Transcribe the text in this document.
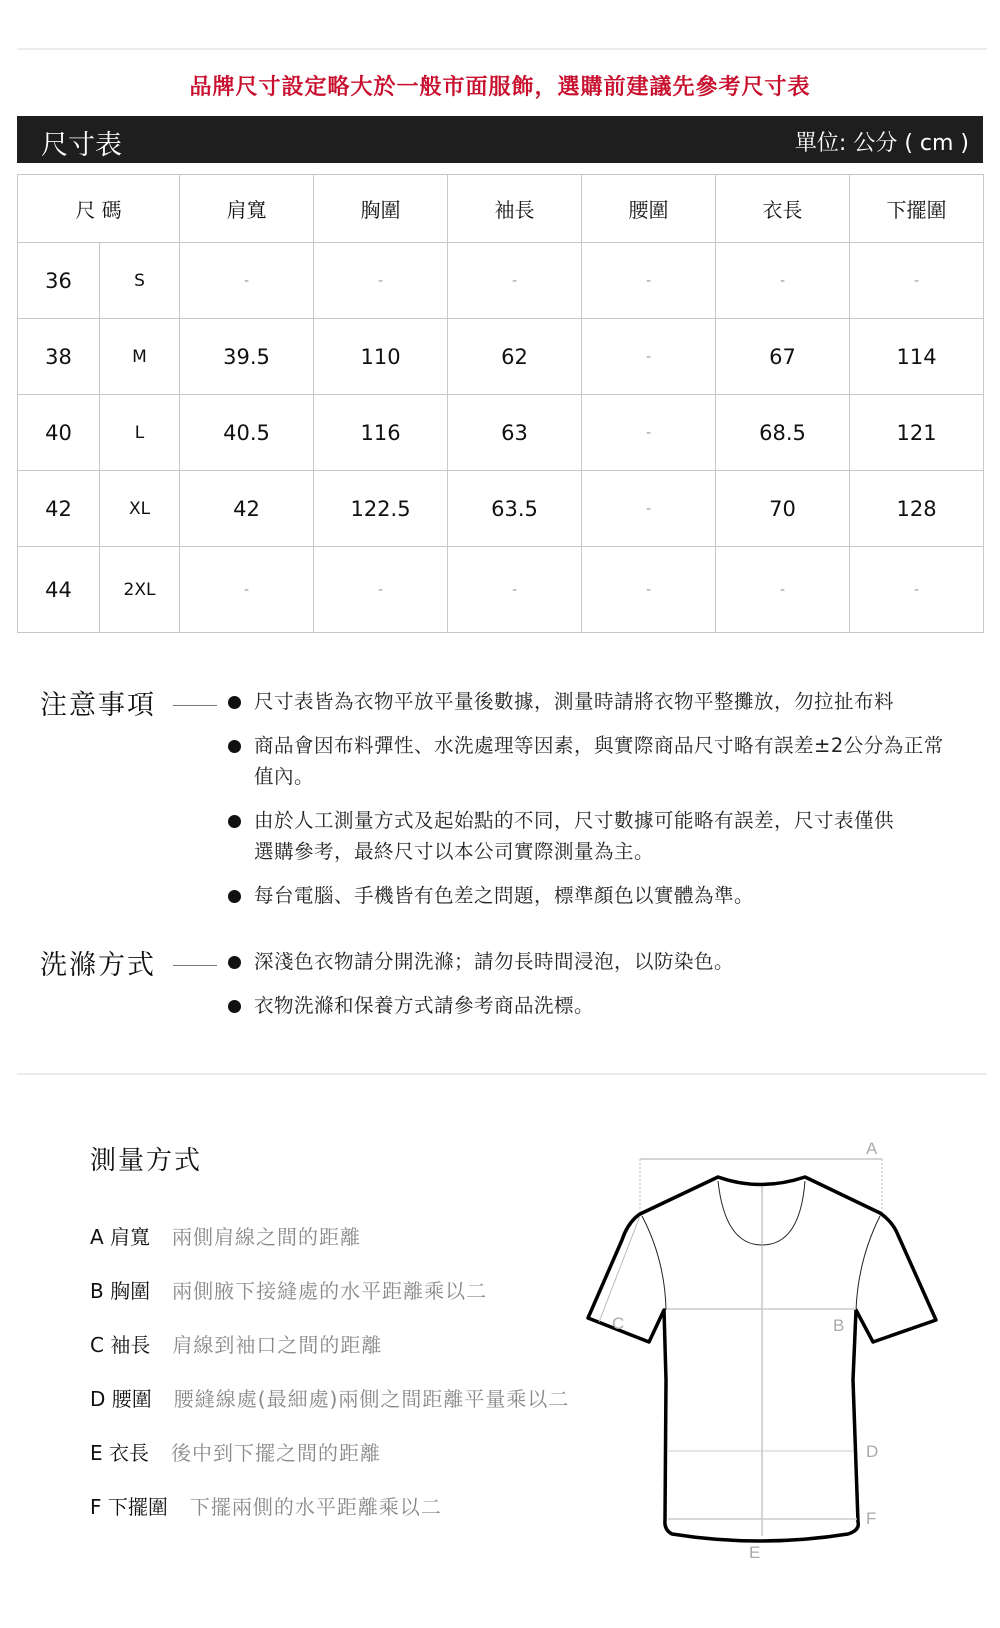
品牌尺寸設定略大於一般市面服飾，選購前建議先參考尺寸表
尺寸表	單位: 公分 ( cm )
尺 碼		肩寬	胸圍	袖長	腰圍	衣長	下擺圍
36	S	-	-	-	-	-	-
38	M	39.5	110	62	-	67	114
40	L	40.5	116	63	-	68.5	121
42	XL	42	122.5	63.5	-	70	128
44	2XL	-	-	-	-	-	-
注意事項	尺寸表皆為衣物平放平量後數據，測量時請將衣物平整攤放，勿拉扯布料
商品會因布料彈性、水洗處理等因素，與實際商品尺寸略有誤差±2公分為正常值內。
由於人工測量方式及起始點的不同，尺寸數據可能略有誤差，尺寸表僅供選購參考，最終尺寸以本公司實際測量為主。
每台電腦、手機皆有色差之問題，標準顏色以實體為準。
洗滌方式	深淺色衣物請分開洗滌；請勿長時間浸泡，以防染色。
衣物洗滌和保養方式請參考商品洗標。
測量方式
A 肩寬 兩側肩線之間的距離
B 胸圍 兩側腋下接縫處的水平距離乘以二
C 袖長 肩線到袖口之間的距離
D 腰圍 腰縫線處(最細處)兩側之間距離平量乘以二
E 衣長 後中到下擺之間的距離
F 下擺圍 下擺兩側的水平距離乘以二
A
C	B
D
F
E
